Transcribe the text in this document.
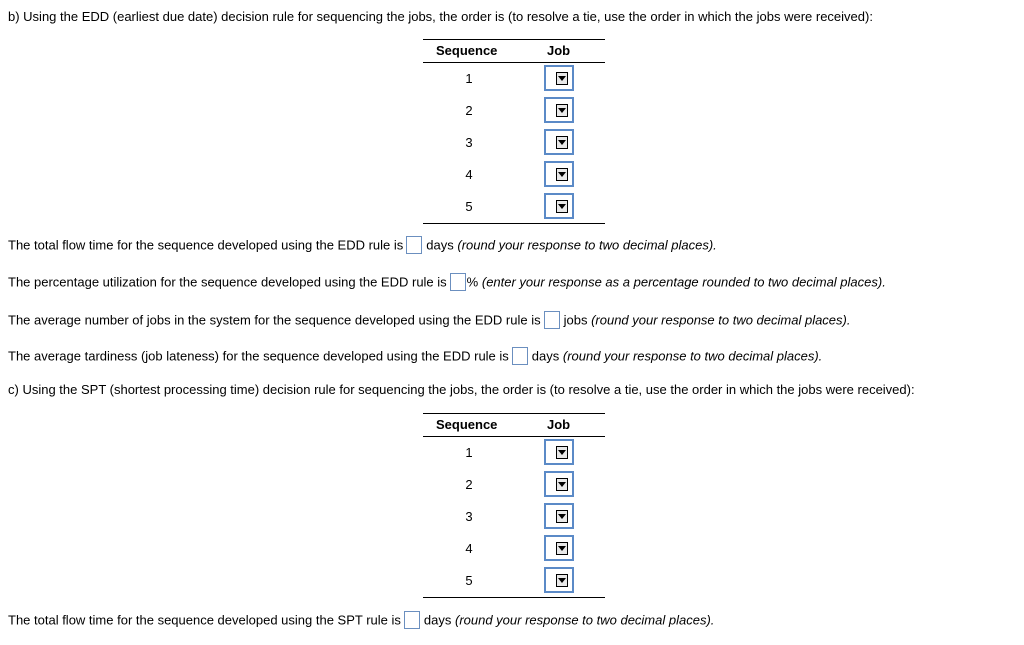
b) Using the EDD (earliest due date) decision rule for sequencing the jobs, the order is (to resolve a tie, use the order in which the jobs were received):
Sequence	Job
1
2
3
4
5
The total flow time for the sequence developed using the EDD rule is days (round your response to two decimal places).
The percentage utilization for the sequence developed using the EDD rule is % (enter your response as a percentage rounded to two decimal places).
The average number of jobs in the system for the sequence developed using the EDD rule is jobs (round your response to two decimal places).
The average tardiness (job lateness) for the sequence developed using the EDD rule is days (round your response to two decimal places).
c) Using the SPT (shortest processing time) decision rule for sequencing the jobs, the order is (to resolve a tie, use the order in which the jobs were received):
Sequence	Job
1
2
3
4
5
The total flow time for the sequence developed using the SPT rule is days (round your response to two decimal places).
